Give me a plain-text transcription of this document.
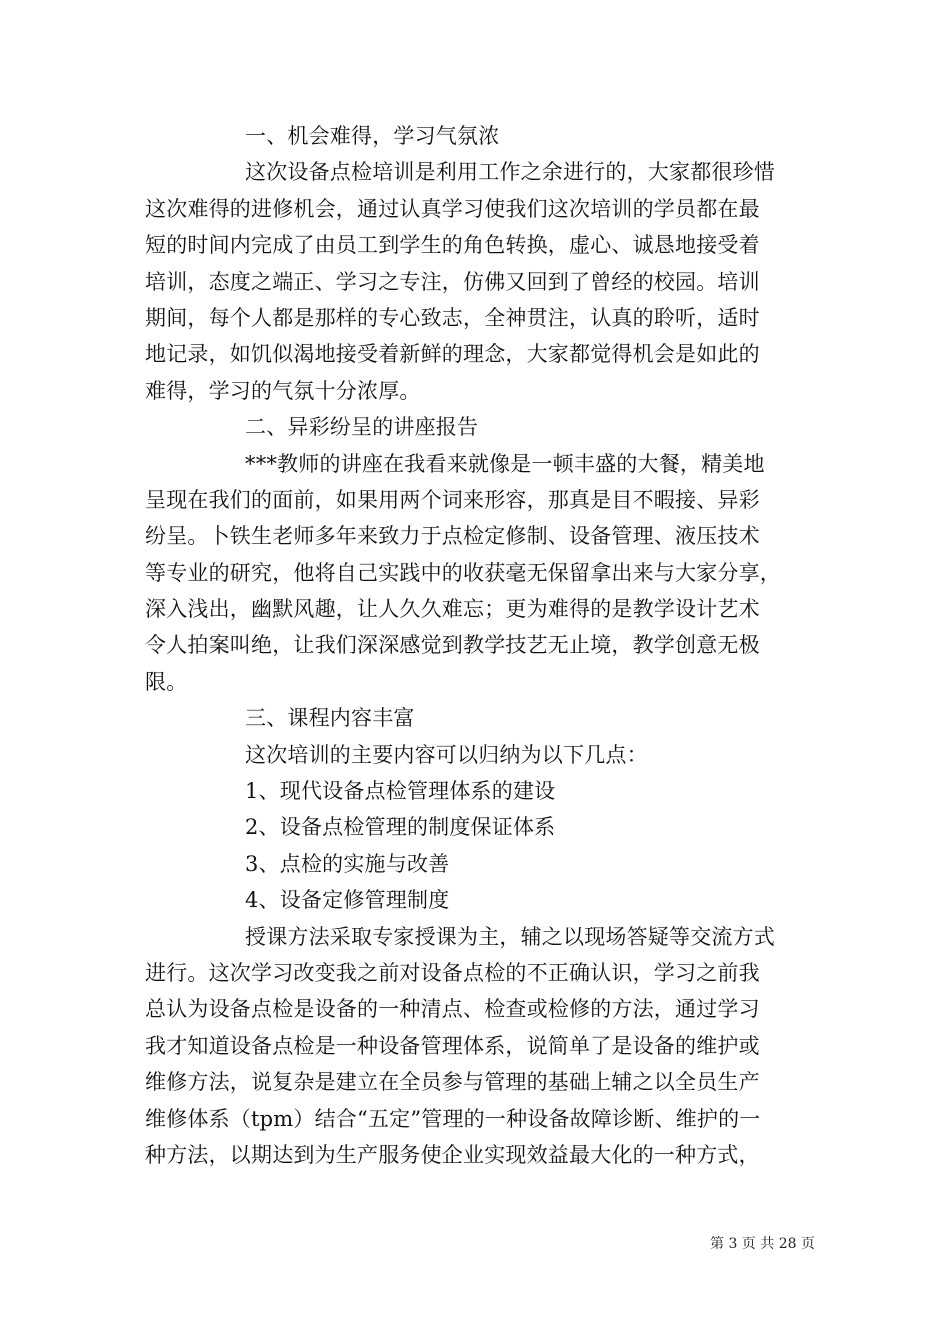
一、机会难得，学习气氛浓
这次设备点检培训是利用工作之余进行的，大家都很珍惜
这次难得的进修机会，通过认真学习使我们这次培训的学员都在最
短的时间内完成了由员工到学生的角色转换，虚心、诚恳地接受着
培训，态度之端正、学习之专注，仿佛又回到了曾经的校园。培训
期间，每个人都是那样的专心致志，全神贯注，认真的聆听，适时
地记录，如饥似渴地接受着新鲜的理念，大家都觉得机会是如此的
难得，学习的气氛十分浓厚。
二、异彩纷呈的讲座报告
***教师的讲座在我看来就像是一顿丰盛的大餐，精美地
呈现在我们的面前，如果用两个词来形容，那真是目不暇接、异彩
纷呈。卜铁生老师多年来致力于点检定修制、设备管理、液压技术
等专业的研究，他将自己实践中的收获毫无保留拿出来与大家分享，
深入浅出，幽默风趣，让人久久难忘；更为难得的是教学设计艺术
令人拍案叫绝，让我们深深感觉到教学技艺无止境，教学创意无极
限。
三、课程内容丰富
这次培训的主要内容可以归纳为以下几点：
1、现代设备点检管理体系的建设
2、设备点检管理的制度保证体系
3、点检的实施与改善
4、设备定修管理制度
授课方法采取专家授课为主，辅之以现场答疑等交流方式
进行。这次学习改变我之前对设备点检的不正确认识，学习之前我
总认为设备点检是设备的一种清点、检查或检修的方法，通过学习
我才知道设备点检是一种设备管理体系，说简单了是设备的维护或
维修方法，说复杂是建立在全员参与管理的基础上辅之以全员生产
维修体系（tpm）结合“五定”管理的一种设备故障诊断、维护的一
种方法，以期达到为生产服务使企业实现效益最大化的一种方式，
第 3 页 共 28 页
